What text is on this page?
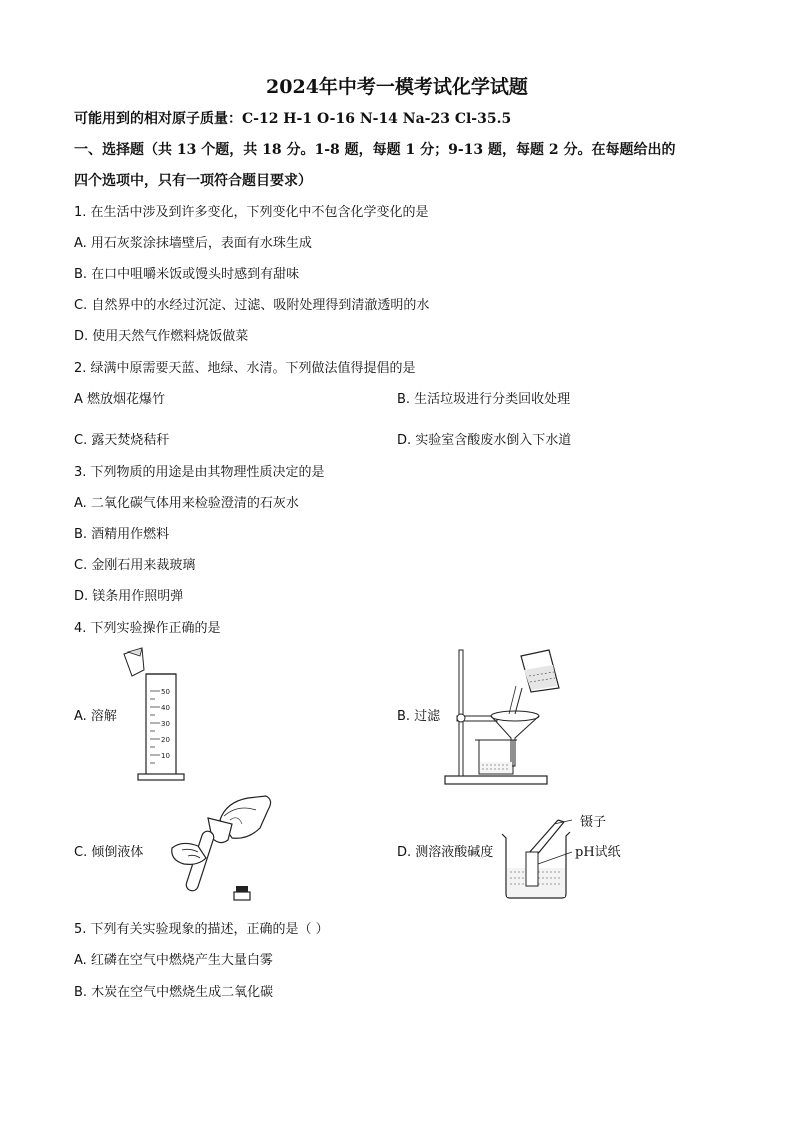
2024年中考一模考试化学试题
可能用到的相对原子质量：C-12 H-1 O-16 N-14 Na-23 Cl-35.5
一、选择题（共 13 个题，共 18 分。1-8 题，每题 1 分；9-13 题，每题 2 分。在每题给出的
四个选项中，只有一项符合题目要求）
1. 在生活中涉及到许多变化，下列变化中不包含化学变化的是
A. 用石灰浆涂抹墙壁后，表面有水珠生成
B. 在口中咀嚼米饭或馒头时感到有甜味
C. 自然界中的水经过沉淀、过滤、吸附处理得到清澈透明的水
D. 使用天然气作燃料烧饭做菜
2. 绿满中原需要天蓝、地绿、水清。下列做法值得提倡的是
A 燃放烟花爆竹	B. 生活垃圾进行分类回收处理
C. 露天焚烧秸秆	D. 实验室含酸废水倒入下水道
3. 下列物质的用途是由其物理性质决定的是
A. 二氧化碳气体用来检验澄清的石灰水
B. 酒精用作燃料
C. 金刚石用来裁玻璃
D. 镁条用作照明弹
4. 下列实验操作正确的是
A. 溶解	B. 过滤
C. 倾倒液体	D. 测溶液酸碱度
50
40
30
20
10
镊子
pH试纸
5. 下列有关实验现象的描述，正确的是（ ）
A. 红磷在空气中燃烧产生大量白雾
B. 木炭在空气中燃烧生成二氧化碳
